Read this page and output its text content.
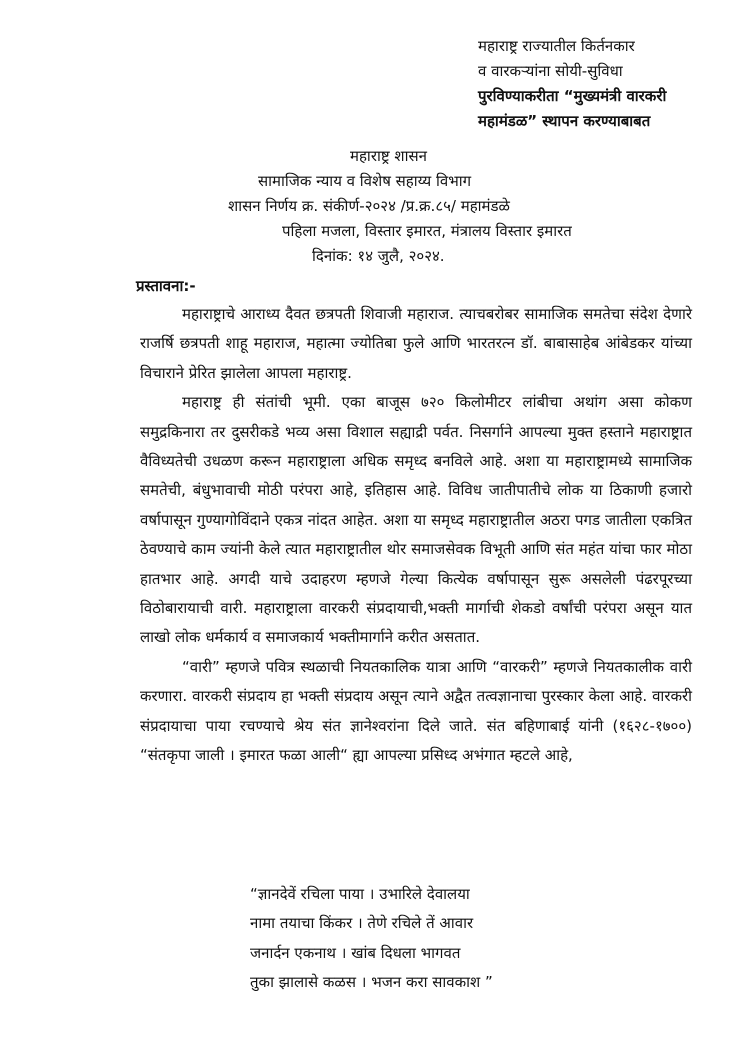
महाराष्ट्र राज्यातील किर्तनकार
व वारकऱ्यांना सोयी-सुविधा
पुरविण्याकरीता “मुख्यमंत्री वारकरी
महामंडळ” स्थापन करण्याबाबत
महाराष्ट्र शासन
सामाजिक न्याय व विशेष सहाय्य विभाग
शासन निर्णय क्र. संकीर्ण-२०२४ /प्र.क्र.८५/ महामंडळे
पहिला मजला, विस्तार इमारत, मंत्रालय विस्तार इमारत
दिनांक: १४ जुलै, २०२४.
प्रस्तावना:-

महाराष्ट्राचे आराध्य दैवत छत्रपती शिवाजी महाराज. त्याचबरोबर सामाजिक समतेचा संदेश देणारे राजर्षि छत्रपती शाहू महाराज, महात्मा ज्योतिबा फुले आणि भारतरत्न डॉ. बाबासाहेब आंबेडकर यांच्या विचाराने प्रेरित झालेला आपला महाराष्ट्र.

महाराष्ट्र ही संतांची भूमी. एका बाजूस ७२० किलोमीटर लांबीचा अथांग असा कोकण समुद्रकिनारा तर दुसरीकडे भव्य असा विशाल सह्याद्री पर्वत. निसर्गाने आपल्या मुक्त हस्ताने महाराष्ट्रात वैविध्यतेची उधळण करून महाराष्ट्राला अधिक समृध्द बनविले आहे. अशा या महाराष्ट्रामध्ये सामाजिक समतेची, बंधुभावाची मोठी परंपरा आहे, इतिहास आहे. विविध जातीपातीचे लोक या ठिकाणी हजारो वर्षापासून गुण्यागोविंदाने एकत्र नांदत आहेत. अशा या समृध्द महाराष्ट्रातील अठरा पगड जातीला एकत्रित ठेवण्याचे काम ज्यांनी केले त्यात महाराष्ट्रातील थोर समाजसेवक विभूती आणि संत महंत यांचा फार मोठा हातभार आहे. अगदी याचे उदाहरण म्हणजे गेल्या कित्येक वर्षापासून सुरू असलेली पंढरपूरच्या विठोबारायाची वारी. महाराष्ट्राला वारकरी संप्रदायाची,भक्ती मार्गाची शेकडो वर्षांची परंपरा असून यात लाखो लोक धर्मकार्य व समाजकार्य भक्तीमार्गाने करीत असतात.

“वारी” म्हणजे पवित्र स्थळाची नियतकालिक यात्रा आणि “वारकरी” म्हणजे नियतकालीक वारी करणारा. वारकरी संप्रदाय हा भक्ती संप्रदाय असून त्याने अद्वैत तत्वज्ञानाचा पुरस्कार केला आहे. वारकरी संप्रदायाचा पाया रचण्याचे श्रेय संत ज्ञानेश्वरांना दिले जाते. संत बहिणाबाई यांनी (१६२८-१७००) “संतकृपा जाली । इमारत फळा आली“ ह्या आपल्या प्रसिध्द अभंगात म्हटले आहे,

“ज्ञानदेवें रचिला पाया । उभारिले देवालया
नामा तयाचा किंकर । तेणे रचिले तें आवार
जनार्दन एकनाथ । खांब दिधला भागवत
तुका झालासे कळस । भजन करा सावकाश ”
